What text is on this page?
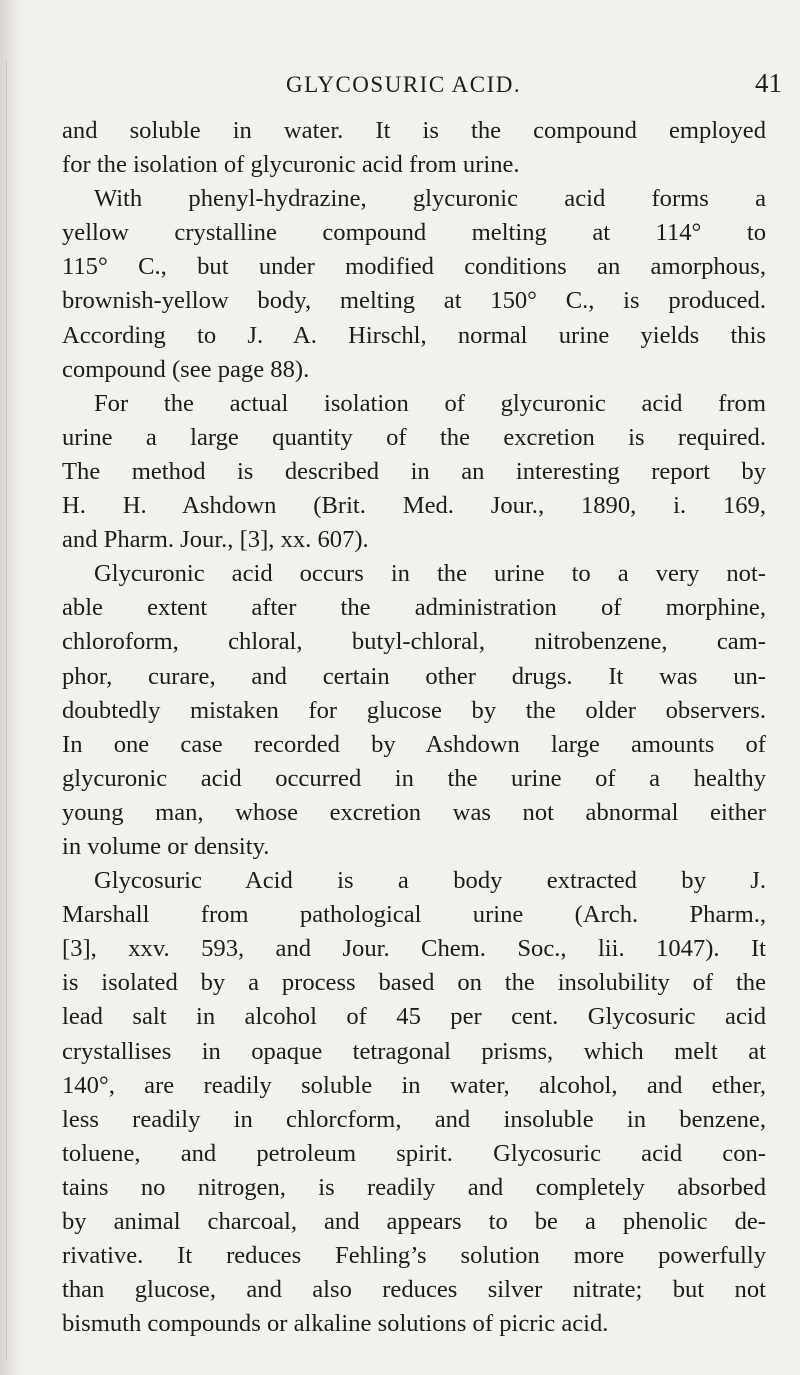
GLYCOSURIC ACID.	41
and soluble in water. It is the compound employed
for the isolation of glycuronic acid from urine.
With phenyl-hydrazine, glycuronic acid forms a
yellow crystalline compound melting at 114° to
115° C., but under modified conditions an amorphous,
brownish-yellow body, melting at 150° C., is produced.
According to J. A. Hirschl, normal urine yields this
compound (see page 88).
For the actual isolation of glycuronic acid from
urine a large quantity of the excretion is required.
The method is described in an interesting report by
H. H. Ashdown (Brit. Med. Jour., 1890, i. 169,
and Pharm. Jour., [3], xx. 607).
Glycuronic acid occurs in the urine to a very not-
able extent after the administration of morphine,
chloroform, chloral, butyl-chloral, nitrobenzene, cam-
phor, curare, and certain other drugs. It was un-
doubtedly mistaken for glucose by the older observers.
In one case recorded by Ashdown large amounts of
glycuronic acid occurred in the urine of a healthy
young man, whose excretion was not abnormal either
in volume or density.
Glycosuric Acid is a body extracted by J.
Marshall from pathological urine (Arch. Pharm.,
[3], xxv. 593, and Jour. Chem. Soc., lii. 1047). It
is isolated by a process based on the insolubility of the
lead salt in alcohol of 45 per cent. Glycosuric acid
crystallises in opaque tetragonal prisms, which melt at
140°, are readily soluble in water, alcohol, and ether,
less readily in chlorcform, and insoluble in benzene,
toluene, and petroleum spirit. Glycosuric acid con-
tains no nitrogen, is readily and completely absorbed
by animal charcoal, and appears to be a phenolic de-
rivative. It reduces Fehling’s solution more powerfully
than glucose, and also reduces silver nitrate; but not
bismuth compounds or alkaline solutions of picric acid.
